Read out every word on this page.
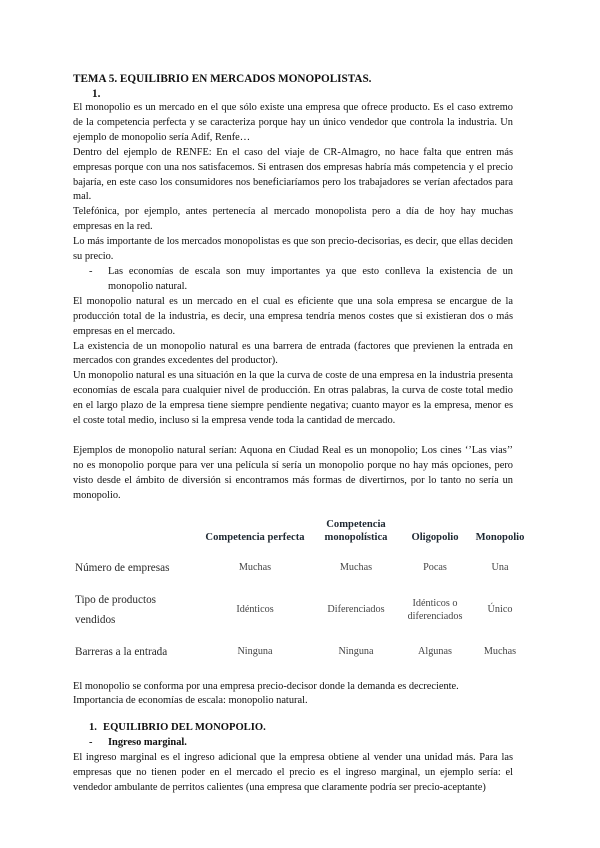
TEMA 5. EQUILIBRIO EN MERCADOS MONOPOLISTAS.

1.

El monopolio es un mercado en el que sólo existe una empresa que ofrece producto. Es el caso extremo de la competencia perfecta y se caracteriza porque hay un único vendedor que controla la industria. Un ejemplo de monopolio sería Adif, Renfe…

Dentro del ejemplo de RENFE: En el caso del viaje de CR-Almagro, no hace falta que entren más empresas porque con una nos satisfacemos. Si entrasen dos empresas habría más competencia y el precio bajaría, en este caso los consumidores nos beneficiaríamos pero los trabajadores se verían afectados para mal.

Telefónica, por ejemplo, antes pertenecía al mercado monopolista pero a día de hoy hay muchas empresas en la red.

Lo más importante de los mercados monopolistas es que son precio-decisorias, es decir, que ellas deciden su precio.

-	Las economías de escala son muy importantes ya que esto conlleva la existencia de un monopolio natural.

El monopolio natural es un mercado en el cual es eficiente que una sola empresa se encargue de la producción total de la industria, es decir, una empresa tendría menos costes que si existieran dos o más empresas en el mercado.

La existencia de un monopolio natural es una barrera de entrada (factores que previenen la entrada en mercados con grandes excedentes del productor).

Un monopolio natural es una situación en la que la curva de coste de una empresa en la industria presenta economías de escala para cualquier nivel de producción. En otras palabras, la curva de coste total medio en el largo plazo de la empresa tiene siempre pendiente negativa; cuanto mayor es la empresa, menor es el coste total medio, incluso si la empresa vende toda la cantidad de mercado.

Ejemplos de monopolio natural serían: Aquona en Ciudad Real es un monopolio; Los cines ‘’Las vias’’ no es monopolio porque para ver una película sí sería un monopolio porque no hay más opciones, pero visto desde el ámbito de diversión si encontramos más formas de divertirnos, por lo tanto no sería un monopolio.

	Competencia perfecta	Competencia monopolística	Oligopolio	Monopolio
Número de empresas	Muchas	Muchas	Pocas	Una
Tipo de productos vendidos	Idénticos	Diferenciados	Idénticos o diferenciados	Único
Barreras a la entrada	Ninguna	Ninguna	Algunas	Muchas

El monopolio se conforma por una empresa precio-decisor donde la demanda es decreciente.

Importancia de economías de escala: monopolio natural.

1. EQUILIBRIO DEL MONOPOLIO.
-	Ingreso marginal.

El ingreso marginal es el ingreso adicional que la empresa obtiene al vender una unidad más. Para las empresas que no tienen poder en el mercado el precio es el ingreso marginal, un ejemplo sería: el vendedor ambulante de perritos calientes (una empresa que claramente podría ser precio-aceptante)
